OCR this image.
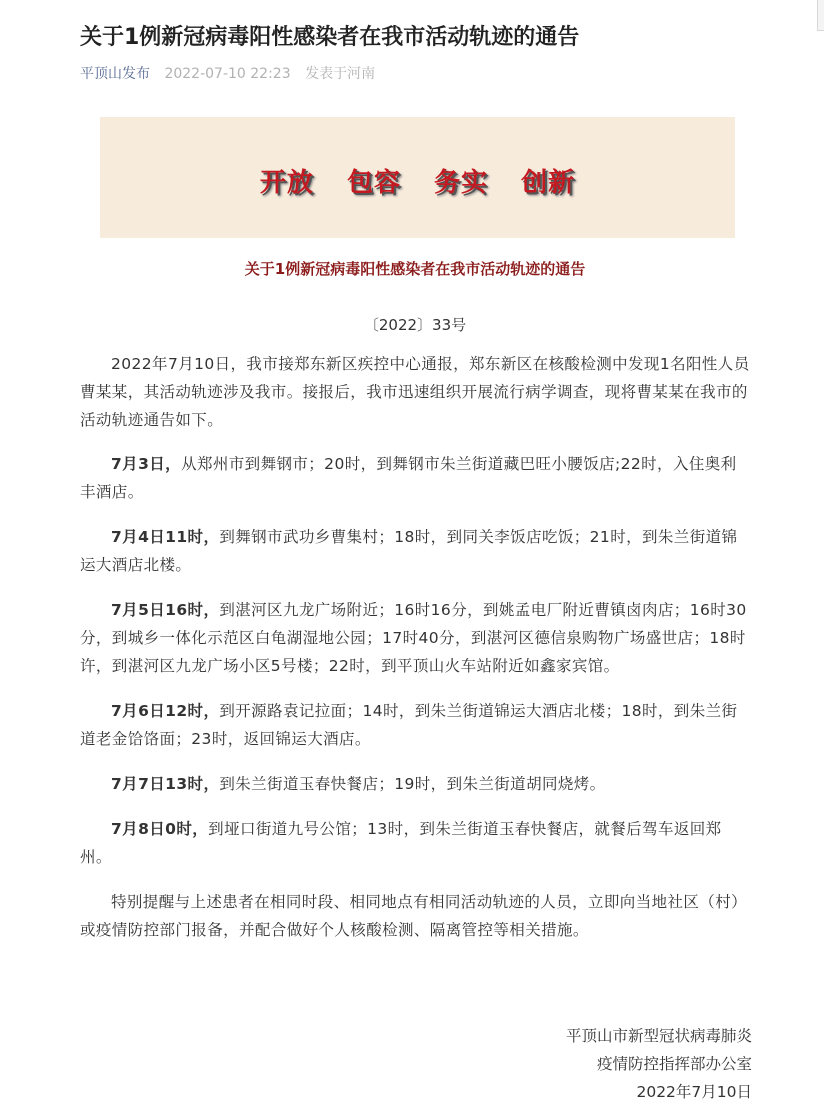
关于1例新冠病毒阳性感染者在我市活动轨迹的通告
平顶山发布 2022-07-10 22:23 发表于河南
开放 包容 务实 创新
关于1例新冠病毒阳性感染者在我市活动轨迹的通告
〔2022〕33号

2022年7月10日，我市接郑东新区疾控中心通报，郑东新区在核酸检测中发现1名阳性人员曹某某，其活动轨迹涉及我市。接报后，我市迅速组织开展流行病学调查，现将曹某某在我市的活动轨迹通告如下。

7月3日，从郑州市到舞钢市；20时，到舞钢市朱兰街道藏巴旺小腰饭店;22时，入住奥利丰酒店。

7月4日11时，到舞钢市武功乡曹集村；18时，到同关李饭店吃饭；21时，到朱兰街道锦运大酒店北楼。

7月5日16时，到湛河区九龙广场附近；16时16分，到姚孟电厂附近曹镇卤肉店；16时30分，到城乡一体化示范区白龟湖湿地公园；17时40分，到湛河区德信泉购物广场盛世店；18时许，到湛河区九龙广场小区5号楼；22时，到平顶山火车站附近如鑫家宾馆。

7月6日12时，到开源路袁记拉面；14时，到朱兰街道锦运大酒店北楼；18时，到朱兰街道老金饸饹面；23时，返回锦运大酒店。

7月7日13时，到朱兰街道玉春快餐店；19时，到朱兰街道胡同烧烤。

7月8日0时，到垭口街道九号公馆；13时，到朱兰街道玉春快餐店，就餐后驾车返回郑州。

特别提醒与上述患者在相同时段、相同地点有相同活动轨迹的人员，立即向当地社区（村）或疫情防控部门报备，并配合做好个人核酸检测、隔离管控等相关措施。

平顶山市新型冠状病毒肺炎
疫情防控指挥部办公室
2022年7月10日
